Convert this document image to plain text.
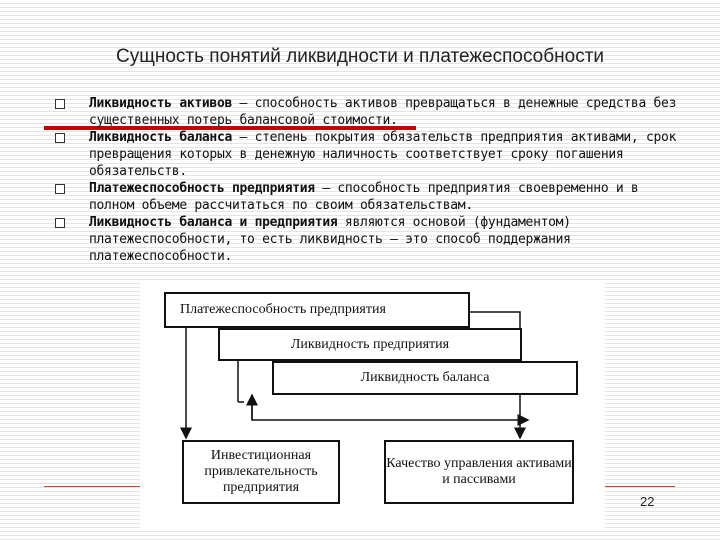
Сущность понятий ликвидности и платежеспособности
Ликвидность активов – способность активов превращаться в денежные средства без существенных потерь балансовой стоимости.
Ликвидность баланса – степень покрытия обязательств предприятия активами, срок превращения которых в денежную наличность соответствует сроку погашения обязательств.
Платежеспособность предприятия – способность предприятия своевременно и в полном объеме рассчитаться по своим обязательствам.
Ликвидность баланса и предприятия являются основой (фундаментом) платежеспособности, то есть ликвидность – это способ поддержания платежеспособности.
Платежеспособность предприятия
Ликвидность предприятия
Ликвидность баланса
Инвестиционная привлекательность предприятия
Качество управления активами и пассивами
22
